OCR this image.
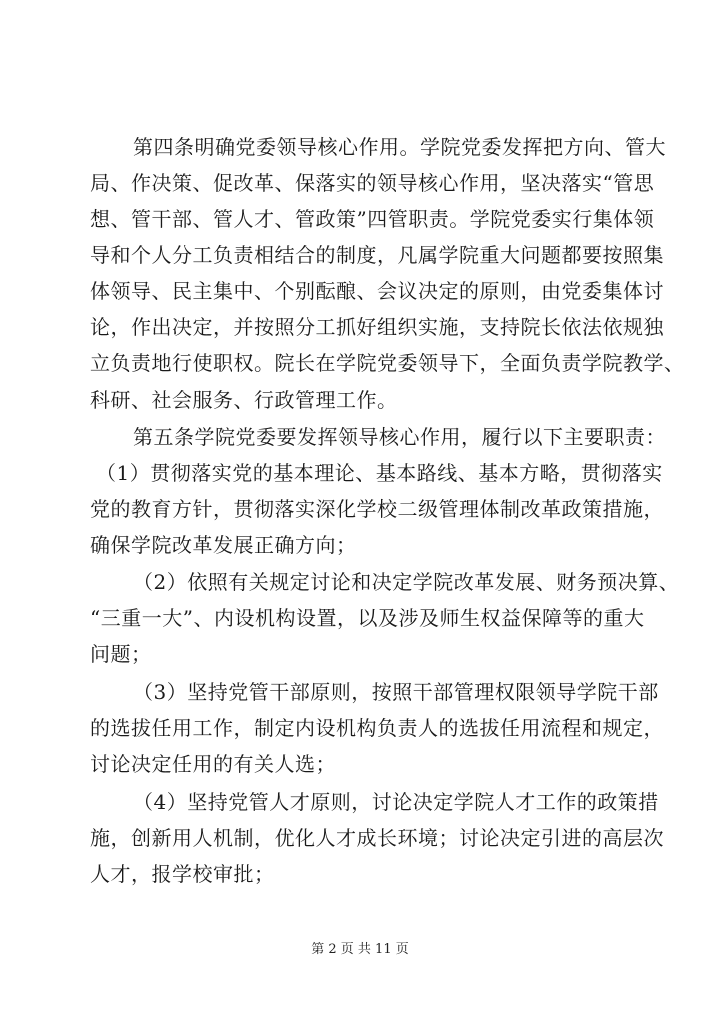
第四条明确党委领导核心作用。学院党委发挥把方向、管大
局、作决策、促改革、保落实的领导核心作用，坚决落实“管思
想、管干部、管人才、管政策”四管职责。学院党委实行集体领
导和个人分工负责相结合的制度，凡属学院重大问题都要按照集
体领导、民主集中、个别酝酿、会议决定的原则，由党委集体讨
论，作出决定，并按照分工抓好组织实施，支持院长依法依规独
立负责地行使职权。院长在学院党委领导下，全面负责学院教学、
科研、社会服务、行政管理工作。
第五条学院党委要发挥领导核心作用，履行以下主要职责：
（1）贯彻落实党的基本理论、基本路线、基本方略，贯彻落实
党的教育方针，贯彻落实深化学校二级管理体制改革政策措施，
确保学院改革发展正确方向；
（2）依照有关规定讨论和决定学院改革发展、财务预决算、
“三重一大”、内设机构设置，以及涉及师生权益保障等的重大
问题；
（3）坚持党管干部原则，按照干部管理权限领导学院干部
的选拔任用工作，制定内设机构负责人的选拔任用流程和规定，
讨论决定任用的有关人选；
（4）坚持党管人才原则，讨论决定学院人才工作的政策措
施，创新用人机制，优化人才成长环境；讨论决定引进的高层次
人才，报学校审批；
第 2 页 共 11 页
